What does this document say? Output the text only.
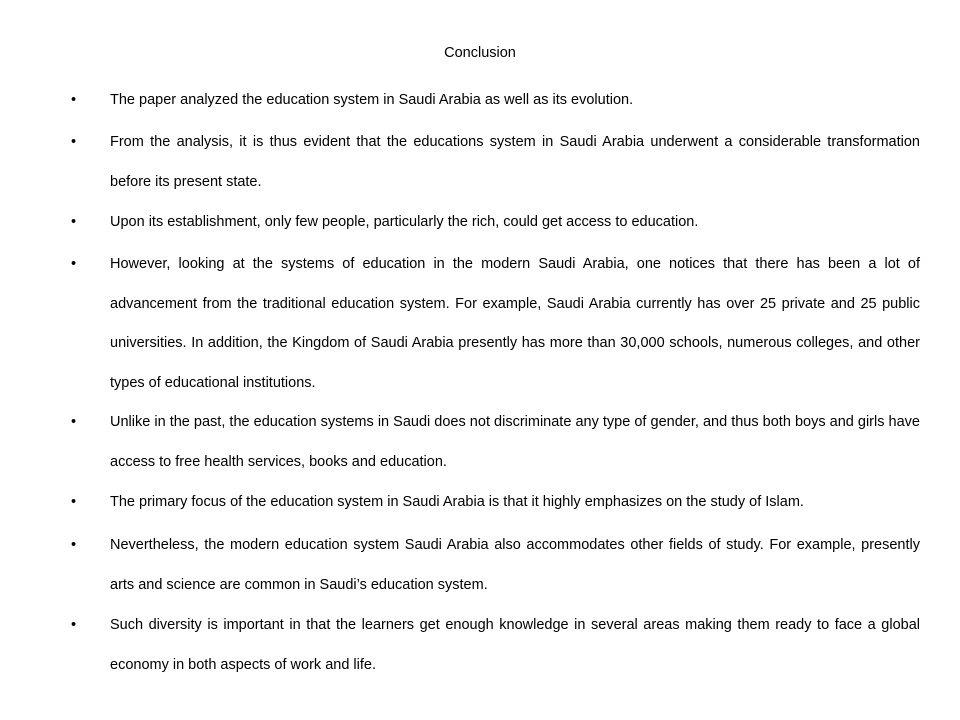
Conclusion
• The paper analyzed the education system in Saudi Arabia as well as its evolution.
• From the analysis, it is thus evident that the educations system in Saudi Arabia underwent a considerable transformation before its present state.
• Upon its establishment, only few people, particularly the rich, could get access to education.
• However, looking at the systems of education in the modern Saudi Arabia, one notices that there has been a lot of advancement from the traditional education system. For example, Saudi Arabia currently has over 25 private and 25 public universities. In addition, the Kingdom of Saudi Arabia presently has more than 30,000 schools, numerous colleges, and other types of educational institutions.
• Unlike in the past, the education systems in Saudi does not discriminate any type of gender, and thus both boys and girls have access to free health services, books and education.
• The primary focus of the education system in Saudi Arabia is that it highly emphasizes on the study of Islam.
• Nevertheless, the modern education system Saudi Arabia also accommodates other fields of study. For example, presently arts and science are common in Saudi’s education system.
• Such diversity is important in that the learners get enough knowledge in several areas making them ready to face a global economy in both aspects of work and life.
